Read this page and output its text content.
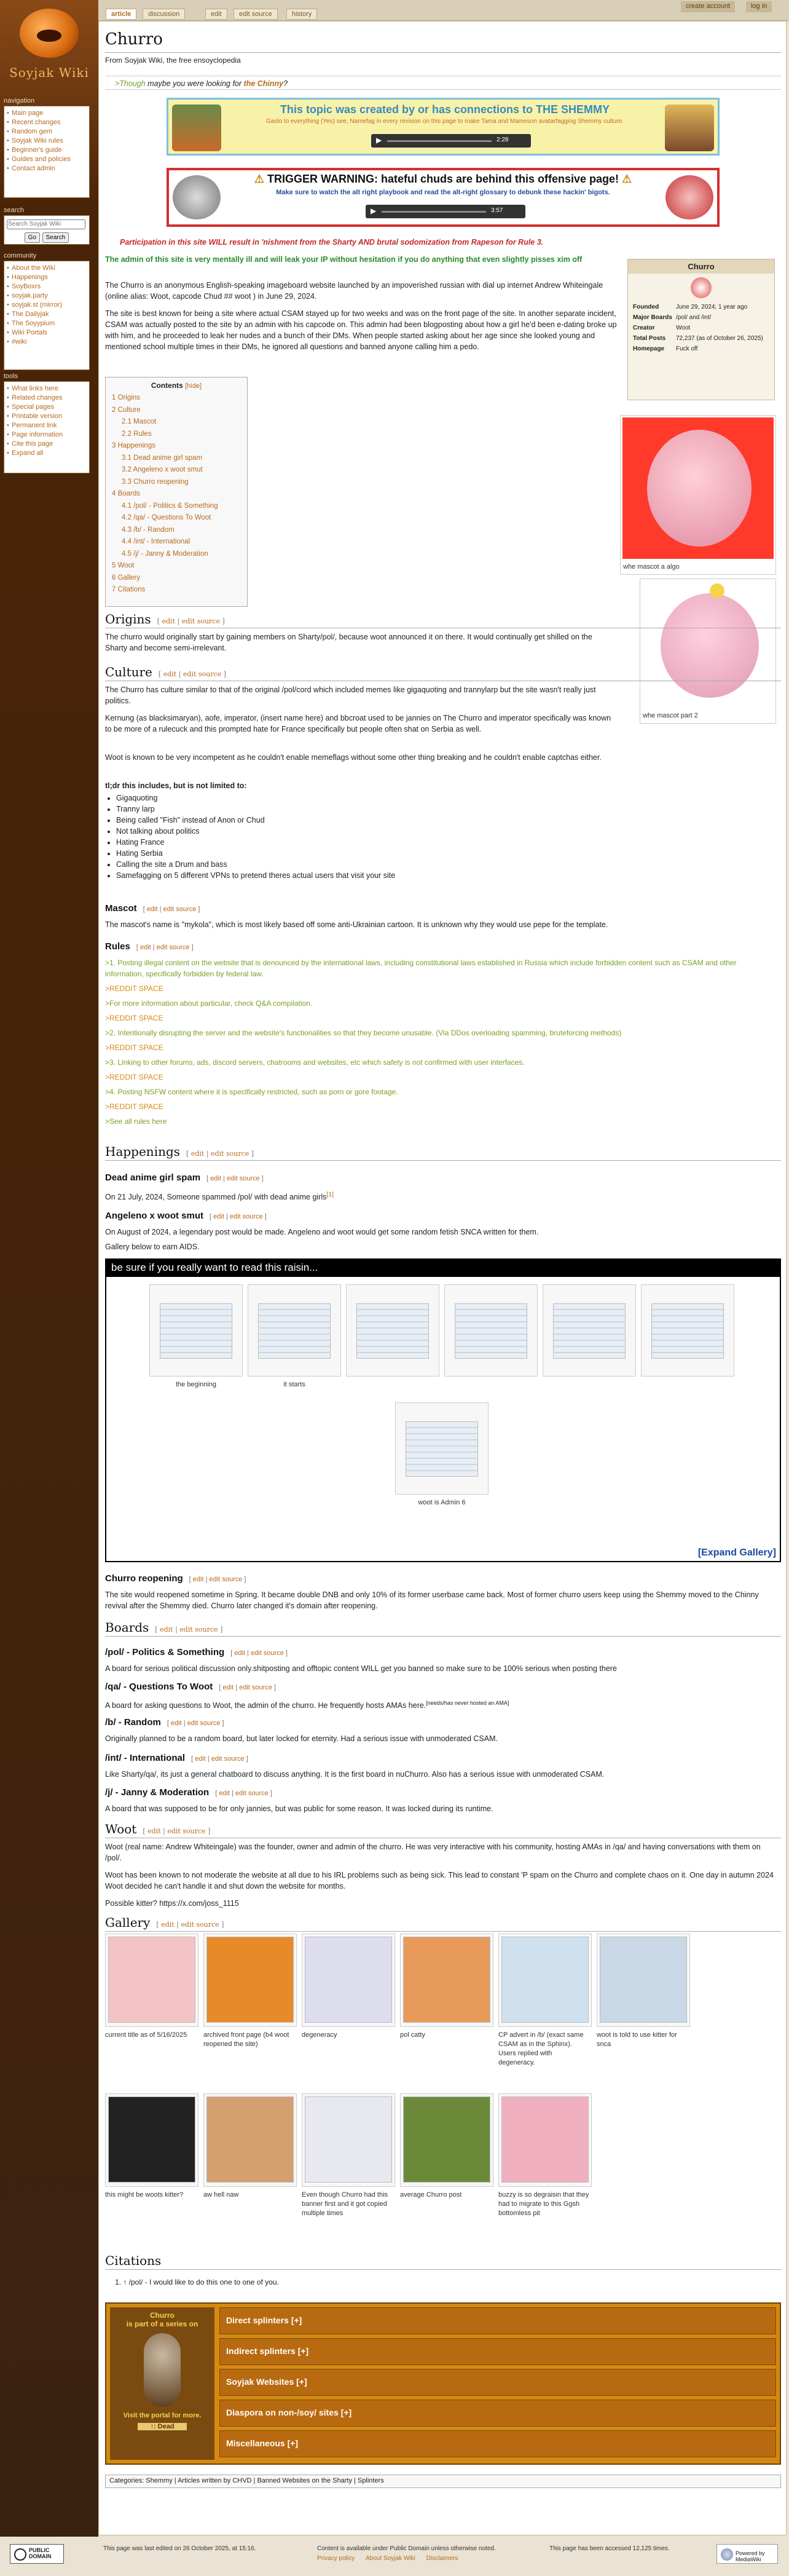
article	discussion	edit	edit source	history
create account	log in
Soyjak Wiki
navigation
• Main page
• Recent changes
• Random gem
• Soyjak Wiki rules
• Beginner's guide
• Guides and policies
• Contact admin
search
Search Soyjak Wiki
Go Search
community
• About the Wiki
• Happenings
• SoyBoxrs
• soyjak.party
• soyjak.st (mirror)
• The Dailyjak
• The Soyypium
• Wiki Portals
• #wiki
tools
• What links here
• Related changes
• Special pages
• Printable version
• Permanent link
• Page information
• Cite this page
• Expand all
Churro
From Soyjak Wiki, the free ensoyclopedia
>Though maybe you were looking for the Chinny?
This topic was created by or has connections to THE SHEMMY
Gaslo to everything (Yes) see, Namefag in every revision on this page to make Tama and Mameson avatarfagging Shemmy culture.
▶	2:28
⚠ TRIGGER WARNING: hateful chuds are behind this offensive page! ⚠
Make sure to watch the alt right playbook and read the alt-right glossary to debunk these hackin' bigots.
▶	3:57
Participation in this site WILL result in 'nishment from the Sharty AND brutal sodomization from Rapeson for Rule 3.
The admin of this site is very mentally ill and will leak your IP without hesitation if you do anything that even slightly pisses xim off
The Churro is an anonymous English-speaking imageboard website launched by an impoverished russian with dial up internet Andrew Whiteingale (online alias: Woot, capcode Chud ## woot ) in June 29, 2024.
The site is best known for being a site where actual CSAM stayed up for two weeks and was on the front page of the site. In another separate incident, CSAM was actually posted to the site by an admin with his capcode on. This admin had been blogposting about how a girl he'd been e-dating broke up with him, and he proceeded to leak her nudes and a bunch of their DMs. When people started asking about her age since she looked young and mentioned school multiple times in their DMs, he ignored all questions and banned anyone calling him a pedo.
Churro
Founded	June 29, 2024; 1 year ago
Major Boards	/pol/ and /int/
Creator	Woot
Total Posts	72,237 (as of October 26, 2025)
Homepage	Fuck off
whe mascot a algo
whe mascot part 2
Contents [hide]
1 Origins
2 Culture
2.1 Mascot
2.2 Rules
3 Happenings
3.1 Dead anime girl spam
3.2 Angeleno x woot smut
3.3 Churro reopening
4 Boards
4.1 /pol/ - Politics & Something
4.2 /qa/ - Questions To Woot
4.3 /b/ - Random
4.4 /int/ - International
4.5 /j/ - Janny & Moderation
5 Woot
6 Gallery
7 Citations
Origins [ edit | edit source ]
The churro would originally start by gaining members on Sharty/pol/, because woot announced it on there. It would continually get shilled on the Sharty and become semi-irrelevant.
Culture [ edit | edit source ]
The Churro has culture similar to that of the original /pol/cord which included memes like gigaquoting and trannylarp but the site wasn't really just politics.
Kernung (as blacksimaryan), aofe, imperator, (insert name here) and bbcroat used to be jannies on The Churro and imperator specifically was known to be more of a rulecuck and this prompted hate for France specifically but people often shat on Serbia as well.
Woot is known to be very incompetent as he couldn't enable memeflags without some other thing breaking and he couldn't enable captchas either.
tl;dr this includes, but is not limited to:
• Gigaquoting
• Tranny larp
• Being called "Fish" instead of Anon or Chud
• Not talking about politics
• Hating France
• Hating Serbia
• Calling the site a Drum and bass
• Samefagging on 5 different VPNs to pretend theres actual users that visit your site
Mascot [ edit | edit source ]
The mascot's name is "mykola", which is most likely based off some anti-Ukrainian cartoon. It is unknown why they would use pepe for the template.
Rules [ edit | edit source ]
>1. Posting illegal content on the website that is denounced by the international laws, including constitutional laws established in Russia which include forbidden content such as CSAM and other information, specifically forbidden by federal law.
>REDDIT SPACE
>For more information about particular, check Q&A compilation.
>REDDIT SPACE
>2. Intentionally disrupting the server and the website's functionalities so that they become unusable. (Via DDos overloading spamming, bruteforcing methods)
>REDDIT SPACE
>3. Linking to other forums, ads, discord servers, chatrooms and websites, etc which safety is not confirmed with user interfaces.
>REDDIT SPACE
>4. Posting NSFW content where it is specifically restricted, such as porn or gore footage.
>REDDIT SPACE
>See all rules here
Happenings [ edit | edit source ]
Dead anime girl spam [ edit | edit source ]
On 21 July, 2024, Someone spammed /pol/ with dead anime girls[1]
Angeleno x woot smut [ edit | edit source ]
On August of 2024, a legendary post would be made. Angeleno and woot would get some random fetish SNCA written for them.
Gallery below to earn AIDS.
be sure if you really want to read this raisin...
the beginning	it starts
woot is Admin 6
[Expand Gallery]
Churro reopening [ edit | edit source ]
The site would reopened sometime in Spring. It became double DNB and only 10% of its former userbase came back. Most of former churro users keep using the Shemmy moved to the Chinny revival after the Shemmy died. Churro later changed it's domain after reopening.
Boards [ edit | edit source ]
/pol/ - Politics & Something [ edit | edit source ]
A board for serious political discussion only.shitposting and offtopic content WILL get you banned so make sure to be 100% serious when posting there
/qa/ - Questions To Woot [ edit | edit source ]
A board for asking questions to Woot, the admin of the churro. He frequently hosts AMAs here.[needs/has never hosted an AMA]
/b/ - Random [ edit | edit source ]
Originally planned to be a random board, but later locked for eternity. Had a serious issue with unmoderated CSAM.
/int/ - International [ edit | edit source ]
Like Sharty/qa/, its just a general chatboard to discuss anything. It is the first board in nuChurro. Also has a serious issue with unmoderated CSAM.
/j/ - Janny & Moderation [ edit | edit source ]
A board that was supposed to be for only jannies, but was public for some reason. It was locked during its runtime.
Woot [ edit | edit source ]
Woot (real name: Andrew Whiteingale) was the founder, owner and admin of the churro. He was very interactive with his community, hosting AMAs in /qa/ and having conversations with them on /pol/.
Woot has been known to not moderate the website at all due to his IRL problems such as being sick. This lead to constant 'P spam on the Churro and complete chaos on it. One day in autumn 2024 Woot decided he can't handle it and shut down the website for months.
Possible kitter? https://x.com/joss_1115
Gallery [ edit | edit source ]
current title as of 5/16/2025	archived front page (b4 woot reopened the site)
degeneracy	pol catty	CP advert in /b/ (exact same CSAM as in the Sphinx). Users replied with degeneracy.
woot is told to use kitter for snca
this might be woots kitter?	aw hell naw	Even though Churro had this banner first and it got copied multiple times
average Churro post	buzzy is so degraisin that they had to migrate to this Ggsh bottomless pit
Citations
1. ↑ /pol/ - I would like to do this one to one of you.
Churro
is part of a series on
Visit the portal for more.
↑: Dead
Direct splinters [+]
Indirect splinters [+]
Soyjak Websites [+]
Diaspora on non-/soy/ sites [+]
Miscellaneous [+]
Categories: Shemmy | Articles written by CHVD | Banned Websites on the Sharty | Splinters
PUBLIC DOMAIN
This page was last edited on 26 October 2025, at 15:16.	Content is available under Public Domain unless otherwise noted.	This page has been accessed 12,125 times.
Privacy policy About Soyjak Wiki Disclaimers
Powered by MediaWiki
